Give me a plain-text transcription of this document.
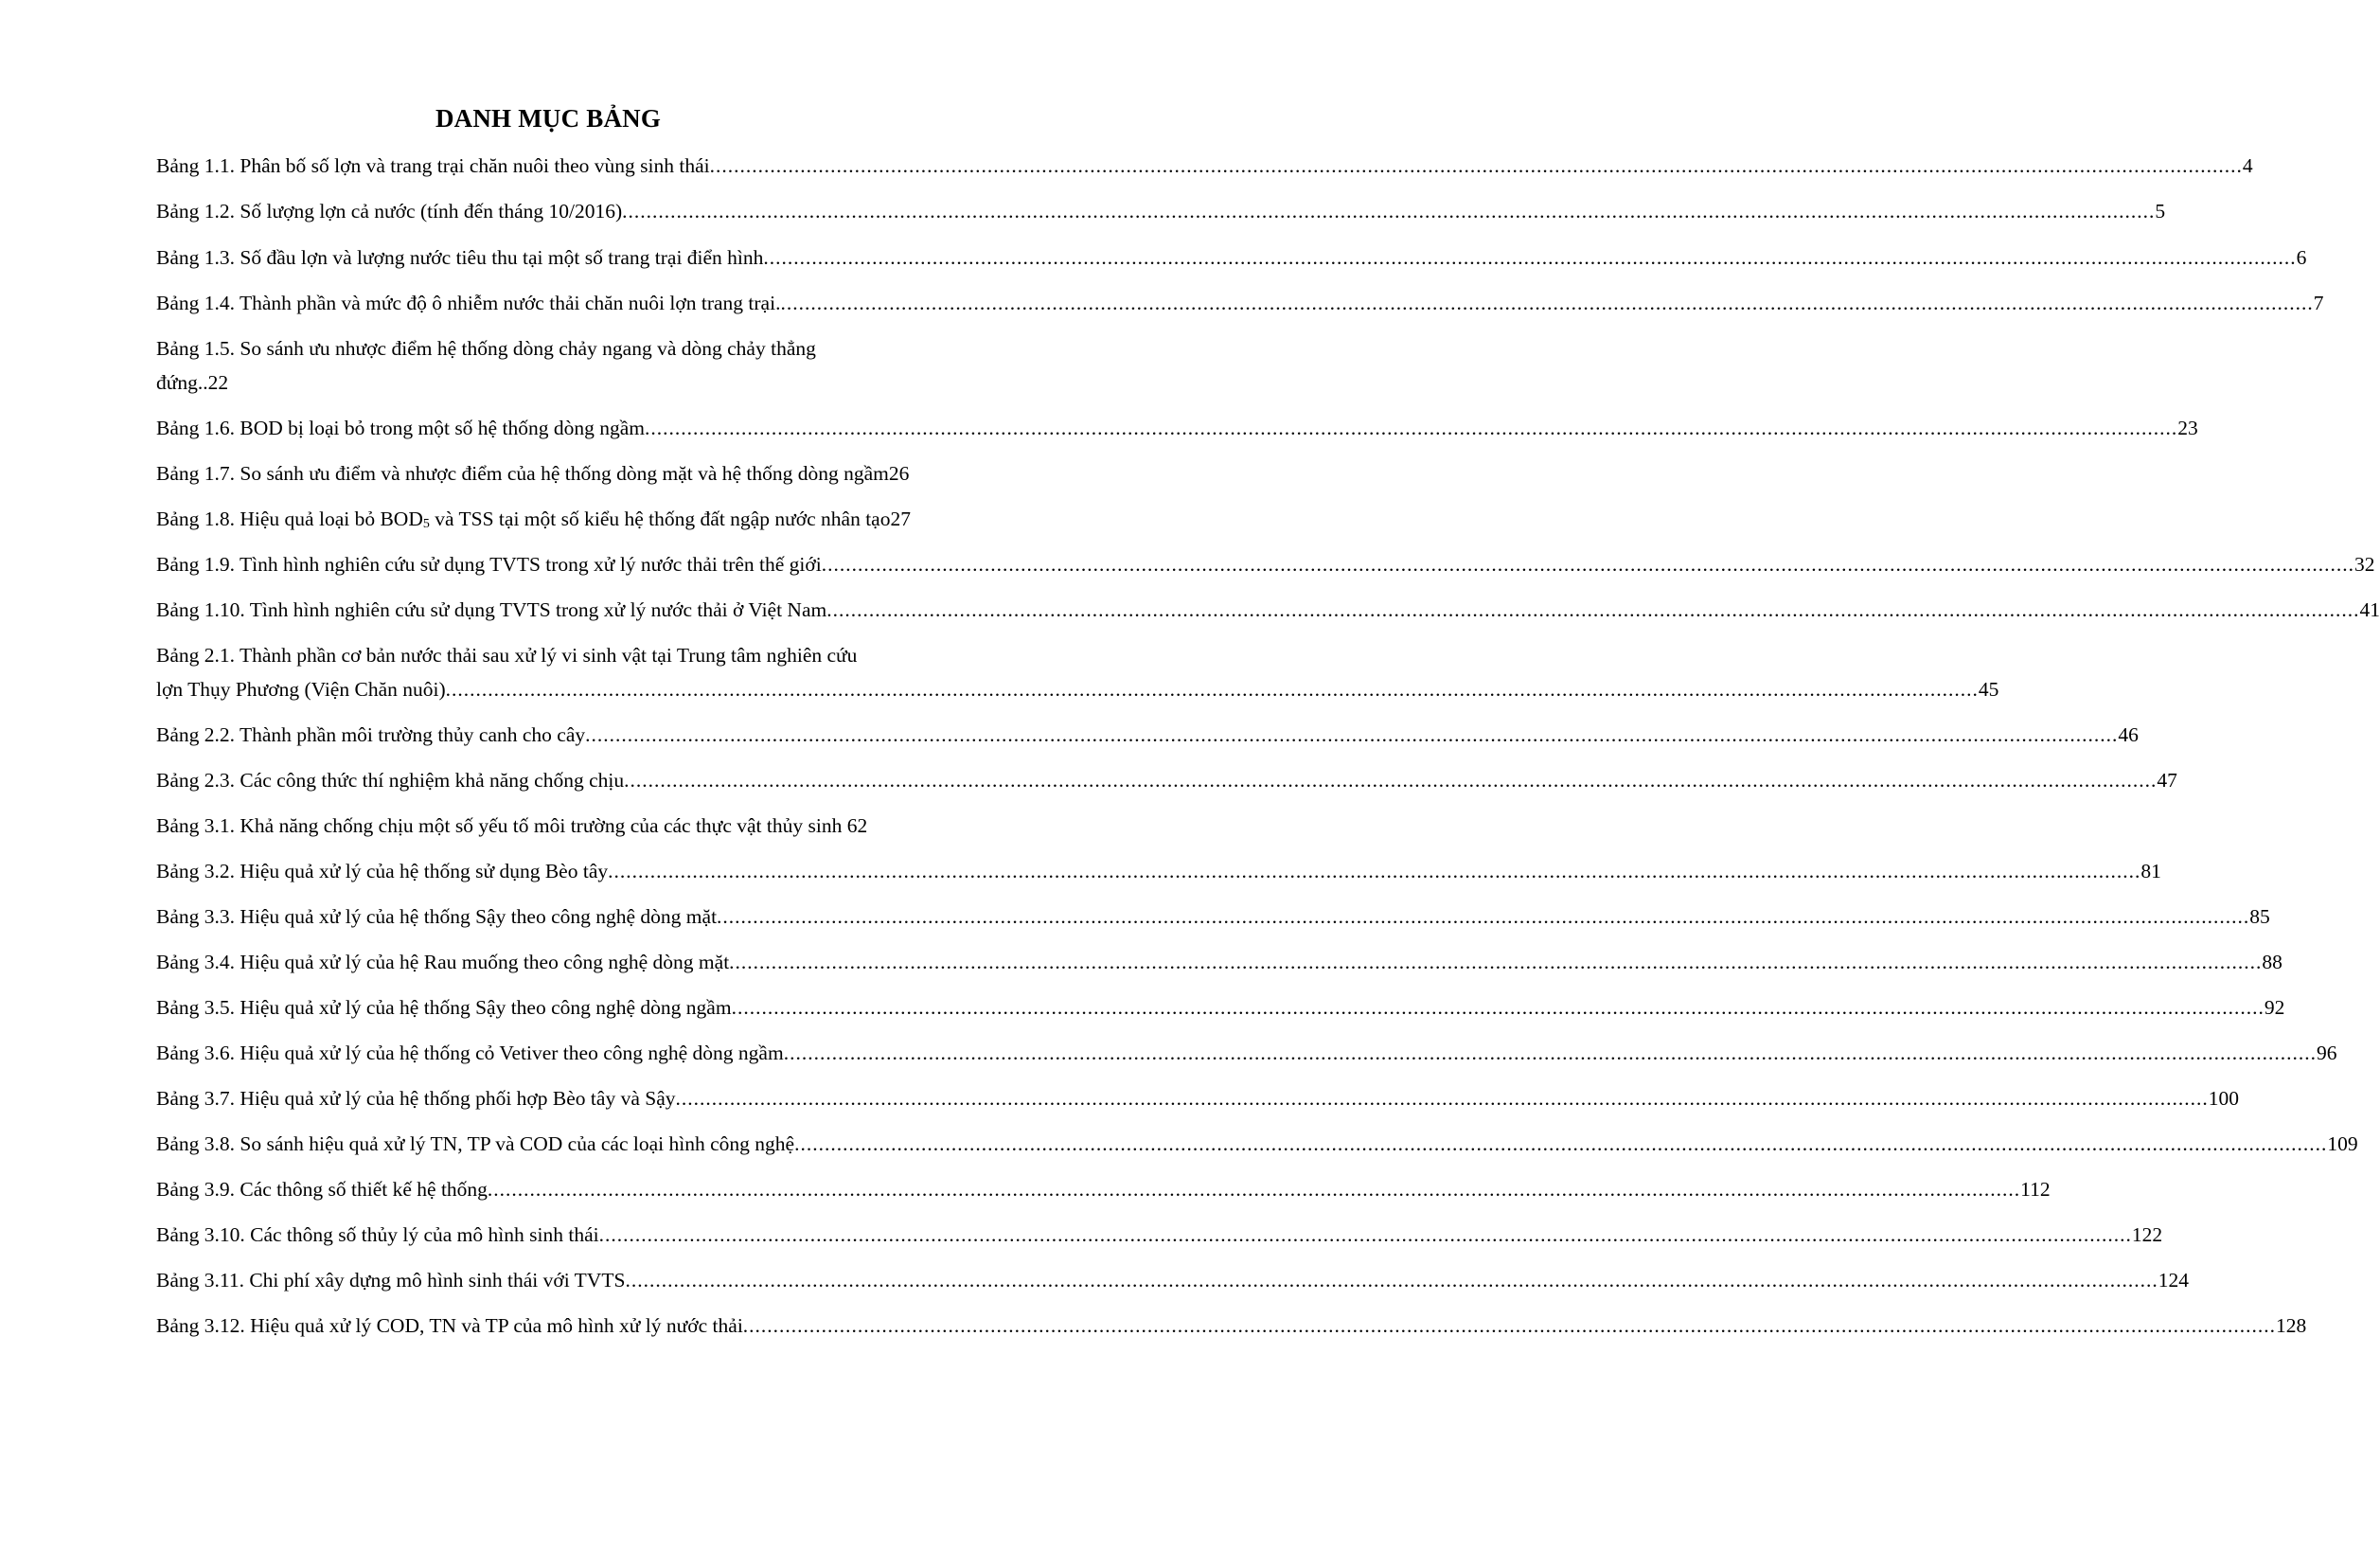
DANH MỤC BẢNG
Bảng 1.1. Phân bố số lợn và trang trại chăn nuôi theo vùng sinh thái .............................................................................................................................................................................................................................................................. 4
Bảng 1.2. Số lượng lợn cả nước (tính đến tháng 10/2016) .............................................................................................................................................................................................................................................................. 5
Bảng 1.3. Số đầu lợn và lượng nước tiêu thu tại một số trang trại điển hình .............................................................................................................................................................................................................................................................. 6
Bảng 1.4. Thành phần và mức độ ô nhiễm nước thải chăn nuôi lợn trang trại. .............................................................................................................................................................................................................................................................. 7
Bảng 1.5. So sánh ưu nhược điểm hệ thống dòng chảy ngang và dòng chảy thẳng
đứng..22
Bảng 1.6. BOD bị loại bỏ trong một số hệ thống dòng ngầm .............................................................................................................................................................................................................................................................. 23
Bảng 1.7. So sánh ưu điểm và nhược điểm của hệ thống dòng mặt và hệ thống dòng ngầm26
Bảng 1.8. Hiệu quả loại bỏ $BOD_5$ và TSS tại một số kiểu hệ thống đất ngập nước nhân tạo27
Bảng 1.9. Tình hình nghiên cứu sử dụng TVTS trong xử lý nước thải trên thế giới .............................................................................................................................................................................................................................................................. 32
Bảng 1.10. Tình hình nghiên cứu sử dụng TVTS trong xử lý nước thải ở Việt Nam .............................................................................................................................................................................................................................................................. 41
Bảng 2.1. Thành phần cơ bản nước thải sau xử lý vi sinh vật tại Trung tâm nghiên cứu
lợn Thụy Phương (Viện Chăn nuôi) .............................................................................................................................................................................................................................................................. 45
Bảng 2.2. Thành phần môi trường thủy canh cho cây .............................................................................................................................................................................................................................................................. 46
Bảng 2.3. Các công thức thí nghiệm khả năng chống chịu .............................................................................................................................................................................................................................................................. 47
Bảng 3.1. Khả năng chống chịu một số yếu tố môi trường của các thực vật thủy sinh 62
Bảng 3.2. Hiệu quả xử lý của hệ thống sử dụng Bèo tây .............................................................................................................................................................................................................................................................. 81
Bảng 3.3. Hiệu quả xử lý của hệ thống Sậy theo công nghệ dòng mặt .............................................................................................................................................................................................................................................................. 85
Bảng 3.4. Hiệu quả xử lý của hệ Rau muống theo công nghệ dòng mặt .............................................................................................................................................................................................................................................................. 88
Bảng 3.5. Hiệu quả xử lý của hệ thống Sậy theo công nghệ dòng ngầm .............................................................................................................................................................................................................................................................. 92
Bảng 3.6. Hiệu quả xử lý của hệ thống cỏ Vetiver theo công nghệ dòng ngầm .............................................................................................................................................................................................................................................................. 96
Bảng 3.7. Hiệu quả xử lý của hệ thống phối hợp Bèo tây và Sậy .............................................................................................................................................................................................................................................................. 100
Bảng 3.8. So sánh hiệu quả xử lý TN, TP và COD của các loại hình công nghệ .............................................................................................................................................................................................................................................................. 109
Bảng 3.9. Các thông số thiết kế hệ thống .............................................................................................................................................................................................................................................................. 112
Bảng 3.10. Các thông số thủy lý của mô hình sinh thái .............................................................................................................................................................................................................................................................. 122
Bảng 3.11. Chi phí xây dựng mô hình sinh thái với TVTS .............................................................................................................................................................................................................................................................. 124
Bảng 3.12. Hiệu quả xử lý COD, TN và TP của mô hình xử lý nước thải .............................................................................................................................................................................................................................................................. 128
